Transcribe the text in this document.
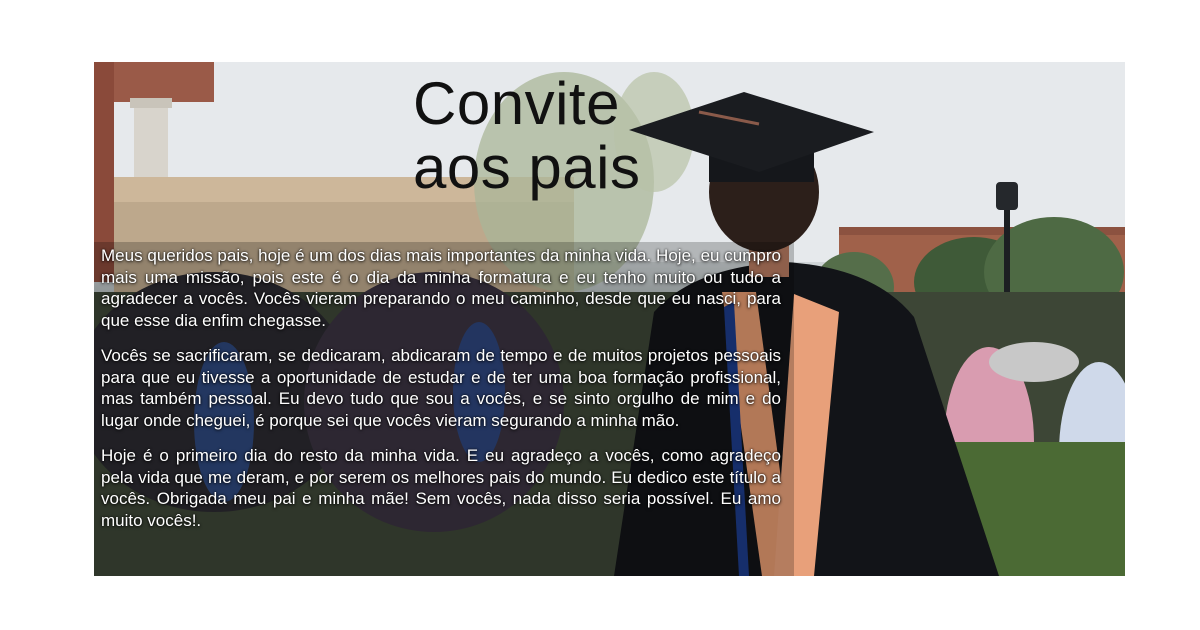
Convite
aos pais

Meus queridos pais, hoje é um dos dias mais importantes da minha vida. Hoje, eu cumpro mais uma missão, pois este é o dia da minha formatura e eu tenho muito ou tudo a agradecer a vocês. Vocês vieram preparando o meu caminho, desde que eu nasci, para que esse dia enfim chegasse.

Vocês se sacrificaram, se dedicaram, abdicaram de tempo e de muitos projetos pessoais para que eu tivesse a oportunidade de estudar e de ter uma boa formação profissional, mas também pessoal. Eu devo tudo que sou a vocês, e se sinto orgulho de mim e do lugar onde cheguei, é porque sei que vocês vieram segurando a minha mão.

Hoje é o primeiro dia do resto da minha vida. E eu agradeço a vocês, como agradeço pela vida que me deram, e por serem os melhores pais do mundo. Eu dedico este título a vocês. Obrigada meu pai e minha mãe! Sem vocês, nada disso seria possível. Eu amo muito vocês!.
